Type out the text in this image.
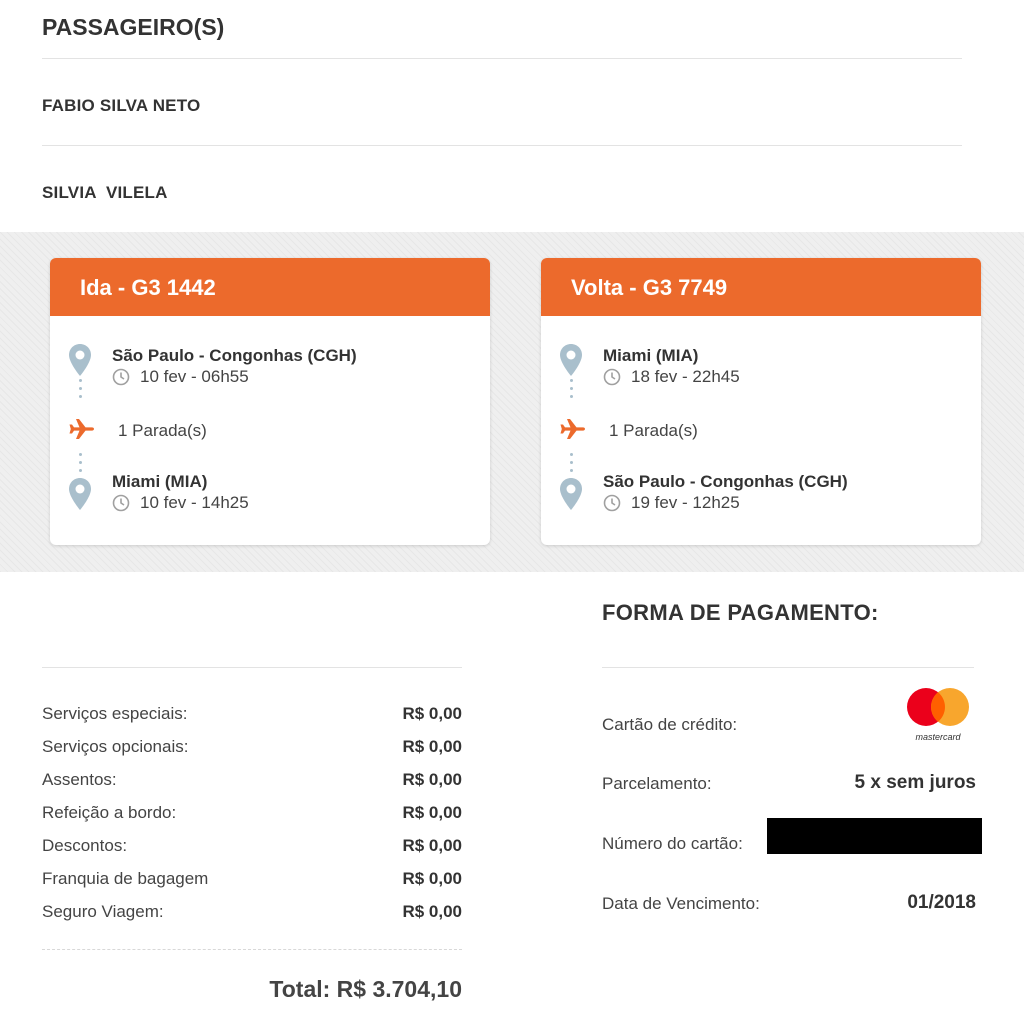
PASSAGEIRO(S)
FABIO SILVA NETO
SILVIA  VILELA
Ida - G3 1442
São Paulo - Congonhas (CGH)
10 fev - 06h55
1 Parada(s)
Miami (MIA)
10 fev - 14h25
Volta - G3 7749
Miami (MIA)
18 fev - 22h45
1 Parada(s)
São Paulo - Congonhas (CGH)
19 fev - 12h25
Serviços especiais:	R$ 0,00
Serviços opcionais:	R$ 0,00
Assentos:	R$ 0,00
Refeição a bordo:	R$ 0,00
Descontos:	R$ 0,00
Franquia de bagagem	R$ 0,00
Seguro Viagem:	R$ 0,00
Total: R$ 3.704,10
FORMA DE PAGAMENTO:
Cartão de crédito:
mastercard
Parcelamento:	5 x sem juros
Número do cartão:
Data de Vencimento:	01/2018
